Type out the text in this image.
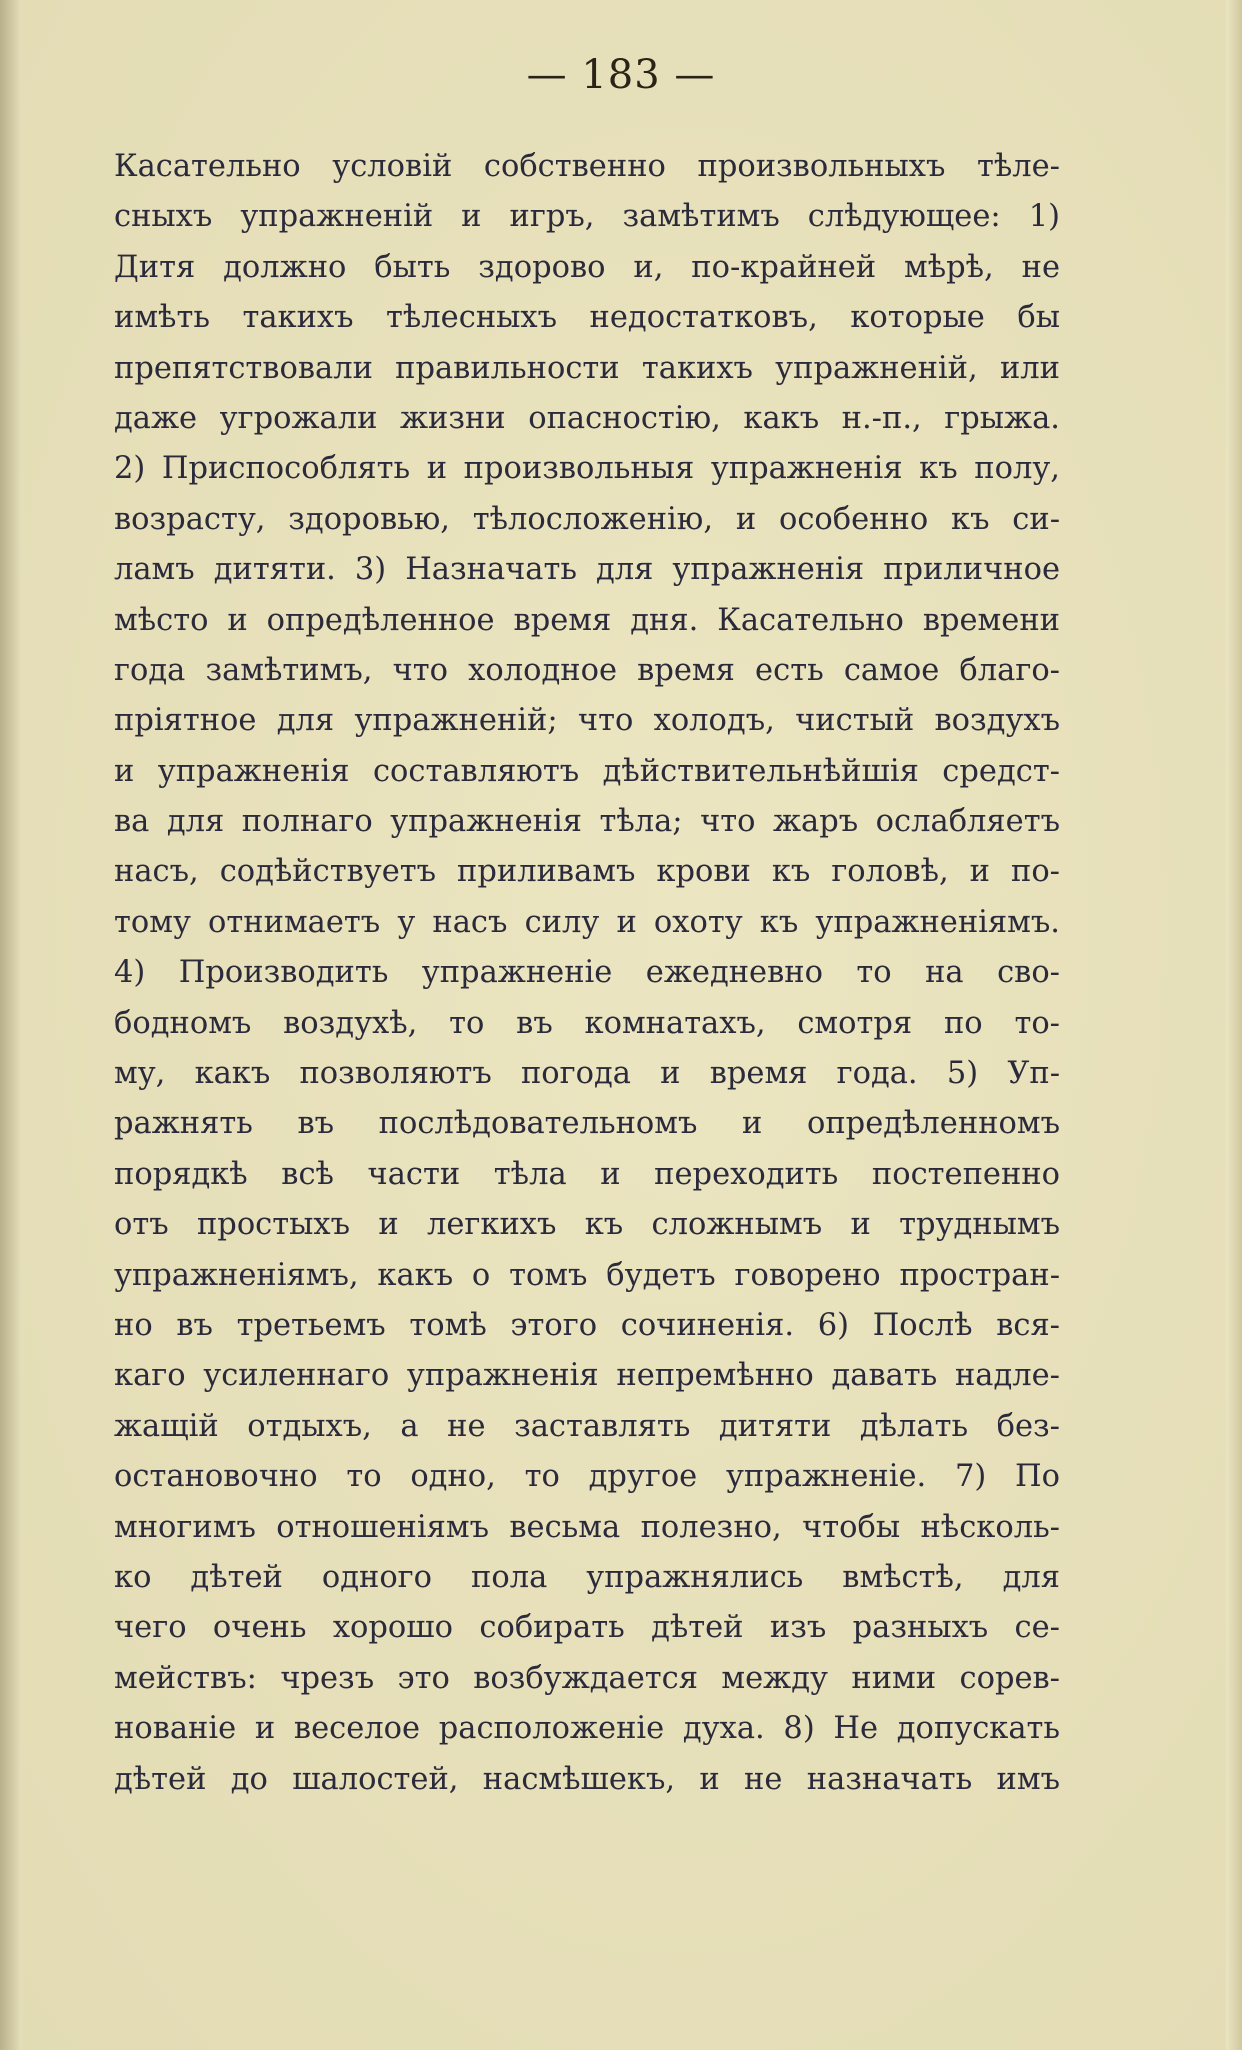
— 183 —
Касательно условій собственно произвольныхъ тѣле-
сныхъ упражненій и игръ, замѣтимъ слѣдующее: 1)
Дитя должно быть здорово и, по-крайней мѣрѣ, не
имѣть такихъ тѣлесныхъ недостатковъ, которые бы
препятствовали правильности такихъ упражненій, или
даже угрожали жизни опасностію, какъ н.-п., грыжа.
2) Приспособлять и произвольныя упражненія къ полу,
возрасту, здоровью, тѣлосложенію, и особенно къ си-
ламъ дитяти. 3) Назначать для упражненія приличное
мѣсто и опредѣленное время дня. Касательно времени
года замѣтимъ, что холодное время есть самое благо-
пріятное для упражненій; что холодъ, чистый воздухъ
и упражненія составляютъ дѣйствительнѣйшія средст-
ва для полнаго упражненія тѣла; что жаръ ослабляетъ
насъ, содѣйствуетъ приливамъ крови къ головѣ, и по-
тому отнимаетъ у насъ силу и охоту къ упражненіямъ.
4) Производить упражненіе ежедневно то на сво-
бодномъ воздухѣ, то въ комнатахъ, смотря по то-
му, какъ позволяютъ погода и время года. 5) Уп-
ражнять въ послѣдовательномъ и опредѣленномъ
порядкѣ всѣ части тѣла и переходить постепенно
отъ простыхъ и легкихъ къ сложнымъ и труднымъ
упражненіямъ, какъ о томъ будетъ говорено простран-
но въ третьемъ томѣ этого сочиненія. 6) Послѣ вся-
каго усиленнаго упражненія непремѣнно давать надле-
жащій отдыхъ, а не заставлять дитяти дѣлать без-
остановочно то одно, то другое упражненіе. 7) По
многимъ отношеніямъ весьма полезно, чтобы нѣсколь-
ко дѣтей одного пола упражнялись вмѣстѣ, для
чего очень хорошо собирать дѣтей изъ разныхъ се-
мействъ: чрезъ это возбуждается между ними сорев-
нованіе и веселое расположеніе духа. 8) Не допускать
дѣтей до шалостей, насмѣшекъ, и не назначать имъ
